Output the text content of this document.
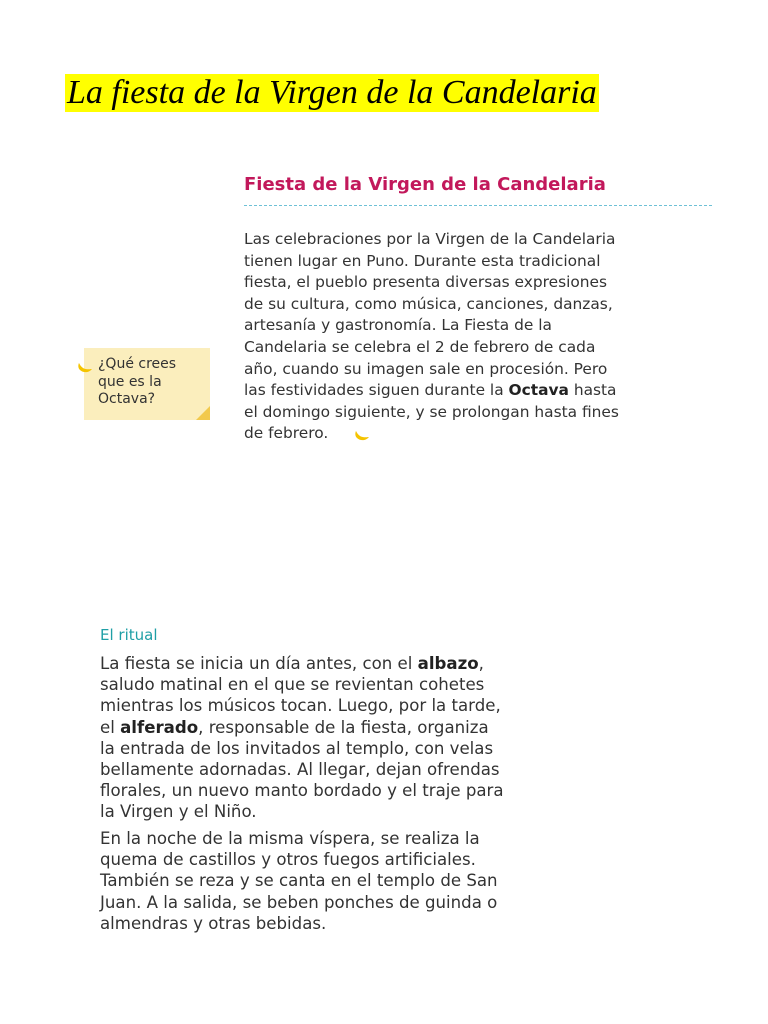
La fiesta de la Virgen de la Candelaria
Fiesta de la Virgen de la Candelaria

Las celebraciones por la Virgen de la Candelaria
tienen lugar en Puno. Durante esta tradicional
fiesta, el pueblo presenta diversas expresiones
de su cultura, como música, canciones, danzas,
artesanía y gastronomía. La Fiesta de la
Candelaria se celebra el 2 de febrero de cada
año, cuando su imagen sale en procesión. Pero
las festividades siguen durante la Octava hasta
el domingo siguiente, y se prolongan hasta fines
de febrero.

¿Qué crees
que es la
Octava?
El ritual

La fiesta se inicia un día antes, con el albazo,
saludo matinal en el que se revientan cohetes
mientras los músicos tocan. Luego, por la tarde,
el alferado, responsable de la fiesta, organiza
la entrada de los invitados al templo, con velas
bellamente adornadas. Al llegar, dejan ofrendas
florales, un nuevo manto bordado y el traje para
la Virgen y el Niño.

En la noche de la misma víspera, se realiza la
quema de castillos y otros fuegos artificiales.
También se reza y se canta en el templo de San
Juan. A la salida, se beben ponches de guinda o
almendras y otras bebidas.
